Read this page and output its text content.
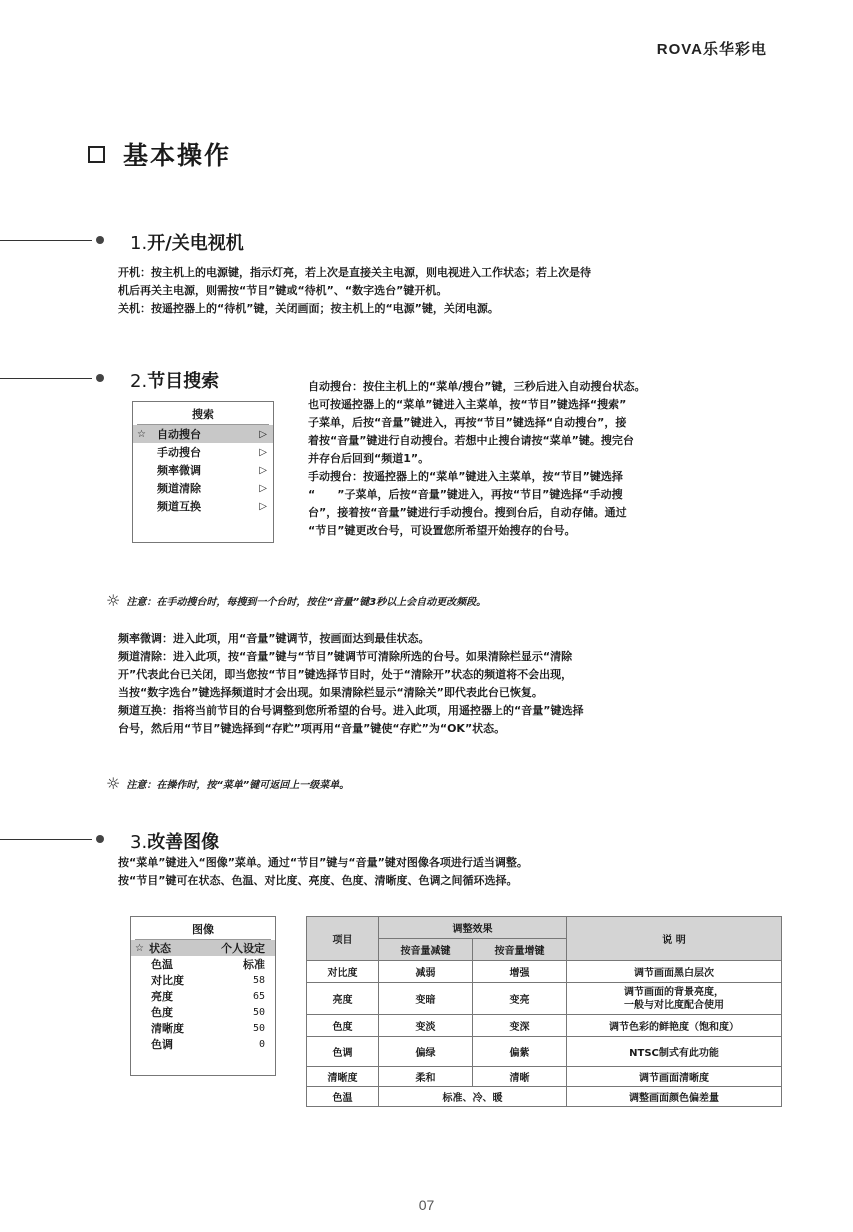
ROVA乐华彩电
基本操作
1.开/关电视机
开机：按主机上的电源键，指示灯亮，若上次是直接关主电源，则电视进入工作状态；若上次是待
机后再关主电源，则需按“节目”键或“待机”、“数字选台”键开机。
关机：按遥控器上的“待机”键，关闭画面；按主机上的“电源”键，关闭电源。
2.节目搜索
搜索
☆	自动搜台	▷
手动搜台	▷
频率微调	▷
频道清除	▷
频道互换	▷
自动搜台：按住主机上的“菜单/搜台”键，三秒后进入自动搜台状态。
也可按遥控器上的“菜单”键进入主菜单，按“节目”键选择“搜索”
子菜单，后按“音量”键进入，再按“节目”键选择“自动搜台”，接
着按“音量”键进行自动搜台。若想中止搜台请按“菜单”键。搜完台
并存台后回到“频道1”。
手动搜台：按遥控器上的“菜单”键进入主菜单，按“节目”键选择
“　　”子菜单，后按“音量”键进入，再按“节目”键选择“手动搜
台”，接着按“音量”键进行手动搜台。搜到台后，自动存储。通过
“节目”键更改台号，可设置您所希望开始搜存的台号。
☼ 注意：在手动搜台时，每搜到一个台时，按住“音量”键3秒以上会自动更改频段。
频率微调：进入此项，用“音量”键调节，按画面达到最佳状态。
频道清除：进入此项，按“音量”键与“节目”键调节可清除所选的台号。如果清除栏显示“清除
开”代表此台已关闭，即当您按“节目”键选择节目时，处于“清除开”状态的频道将不会出现，
当按“数字选台”键选择频道时才会出现。如果清除栏显示“清除关”即代表此台已恢复。
频道互换：指将当前节目的台号调整到您所希望的台号。进入此项，用遥控器上的“音量”键选择
台号，然后用“节目”键选择到“存贮”项再用“音量”键使“存贮”为“OK”状态。
☼ 注意：在操作时，按“菜单”键可返回上一级菜单。
3.改善图像
按“菜单”键进入“图像”菜单。通过“节目”键与“音量”键对图像各项进行适当调整。
按“节目”键可在状态、色温、对比度、亮度、色度、清晰度、色调之间循环选择。
图像
☆ 状态	个人设定
色温	标准
对比度	58
亮度	65
色度	50
清晰度	50
色调	0
项目	调整效果		说 明
	按音量减键	按音量增键	
对比度	减弱	增强	调节画面黑白层次
亮度	变暗	变亮	调节画面的背景亮度，
一般与对比度配合使用

色度	变淡	变深	调节色彩的鲜艳度（饱和度）
色调	偏绿	偏紫	NTSC制式有此功能
清晰度	柔和	清晰	调节画面清晰度
色温	标准、冷、暖		调整画面颜色偏差量
07
